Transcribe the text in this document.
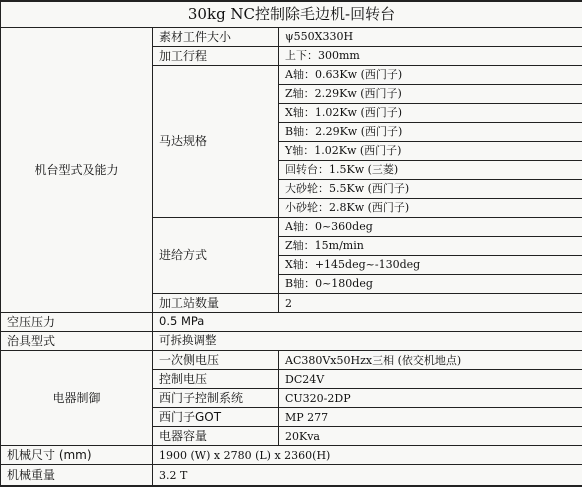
30kg NC控制除毛边机-回转台		
机台型式及能力	素材工件大小	ψ550X330H
	加工行程	上下：300mm
	马达规格	A轴：0.63Kw (西门子)
		Z轴：2.29Kw (西门子)
		X轴：1.02Kw (西门子)
		B轴：2.29Kw (西门子)
		Y轴：1.02Kw (西门子)
		回转台：1.5Kw (三菱)
		大砂轮：5.5Kw (西门子)
		小砂轮：2.8Kw (西门子)
	进给方式	A轴：0~360deg
		Z轴：15m/min
		X轴：+145deg~-130deg
		B轴：0~180deg
	加工站数量	2
空压压力	0.5 MPa	
治具型式	可拆换调整	
电器制御	一次侧电压	AC380Vx50Hzx三相 (依交机地点)
	控制电压	DC24V
	西门子控制系统	CU320-2DP
	西门子GOT	MP 277
	电器容量	20Kva
机械尺寸 (mm)	1900 (W) x 2780 (L) x 2360(H)	
机械重量	3.2 T	
